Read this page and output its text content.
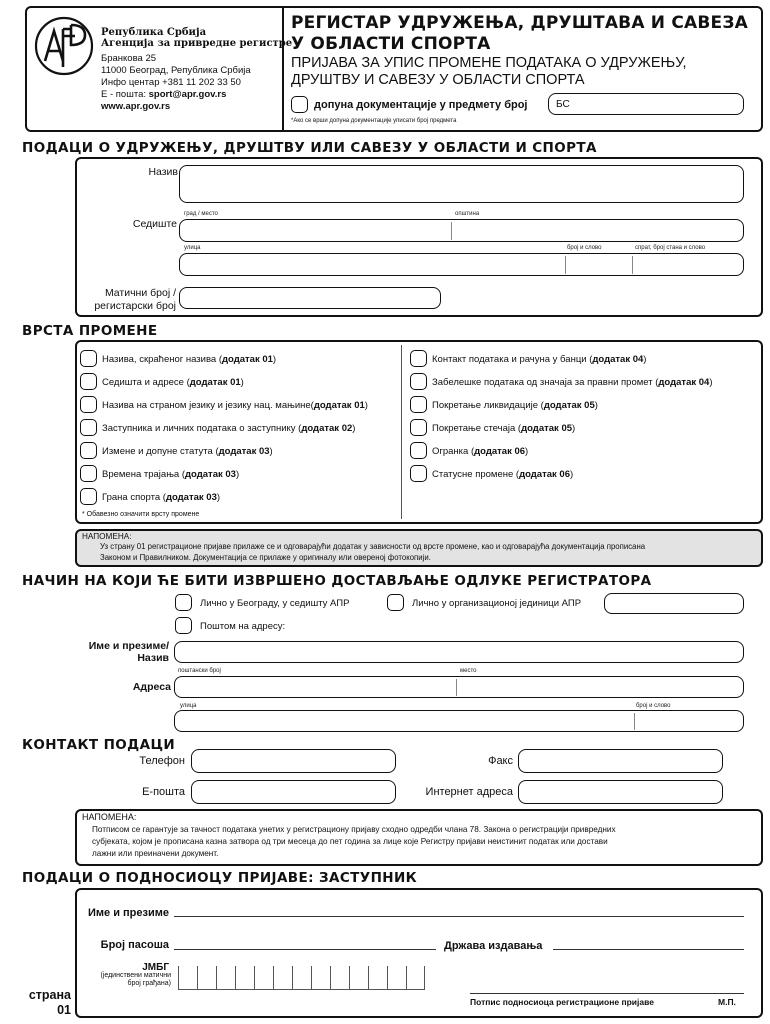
Република Србија
Агенција за привредне регистре
Бранкова 25
11000 Београд, Република Србија
Инфо центар +381 11 202 33 50
Е - пошта: sport@apr.gov.rs
www.apr.gov.rs
РЕГИСТАР УДРУЖЕЊА, ДРУШТАВА И САВЕЗА
У ОБЛАСТИ СПОРТА
ПРИЈАВА ЗА УПИС ПРОМЕНЕ ПОДАТАКА О УДРУЖЕЊУ,
ДРУШТВУ И САВЕЗУ У ОБЛАСТИ СПОРТА
допуна документације у предмету број	БС
*Ако се врши допуна документације уписати број предмета
ПОДАЦИ О УДРУЖЕЊУ, ДРУШТВУ ИЛИ САВЕЗУ У ОБЛАСТИ И СПОРТА
Назив
град / место	општина
Седиште
улица	број и слово	спрат, број стана и слово
Матични број /
регистарски број
ВРСТА ПРОМЕНЕ
Назива, скраћеног назива (додатак 01)
Седишта и адресе (додатак 01)
Назива на страном језику и језику нац. мањине(додатак 01)
Заступника и личних података о заступнику (додатак 02)
Измене и допуне статута (додатак 03)
Времена трајања (додатак 03)
Грана спорта (додатак 03)
Контакт података и рачуна у банци (додатак 04)
Забелешке података од значаја за правни промет (додатак 04)
Покретање ликвидације (додатак 05)
Покретање стечаја (додатак 05)
Огранка (додатак 06)
Статусне промене (додатак 06)
* Обавезно означити врсту промене
НАПОМЕНА:
Уз страну 01 регистрационе пријаве прилаже се и одговарајући додатак у зависности од врсте промене, као и одговарајућа документација прописана
Законом и Правилником. Документација се прилаже у оригиналу или овереној фотокопији.
НАЧИН НА КОЈИ ЋЕ БИТИ ИЗВРШЕНО ДОСТАВЉАЊЕ ОДЛУКЕ РЕГИСТРАТОРА
Лично у Београду, у седишту АПР	Лично у организационој јединици АПР
Поштом на адресу:
Име и презиме/
Назив
поштански број	место
Адреса
улица	број и слово
КОНТАКТ ПОДАЦИ
Телефон	Факс
Е-пошта	Интернет адреса
НАПОМЕНА:
Потписом се гарантује за тачност података унетих у регистрациону пријаву сходно одредби члана 78. Закона о регистрацији привредних
субјеката, којом је прописана казна затвора од три месеца до пет година за лице које Регистру пријави неистинит податак или достави
лажни или преиначени документ.
ПОДАЦИ О ПОДНОСИОЦУ ПРИЈАВЕ: ЗАСТУПНИК
Име и презиме
Број пасоша	Држава издавања
ЈМБГ
(јединствени матични
број грађана)
Потпис подносиоца регистрационе пријаве	М.П.
страна
01
